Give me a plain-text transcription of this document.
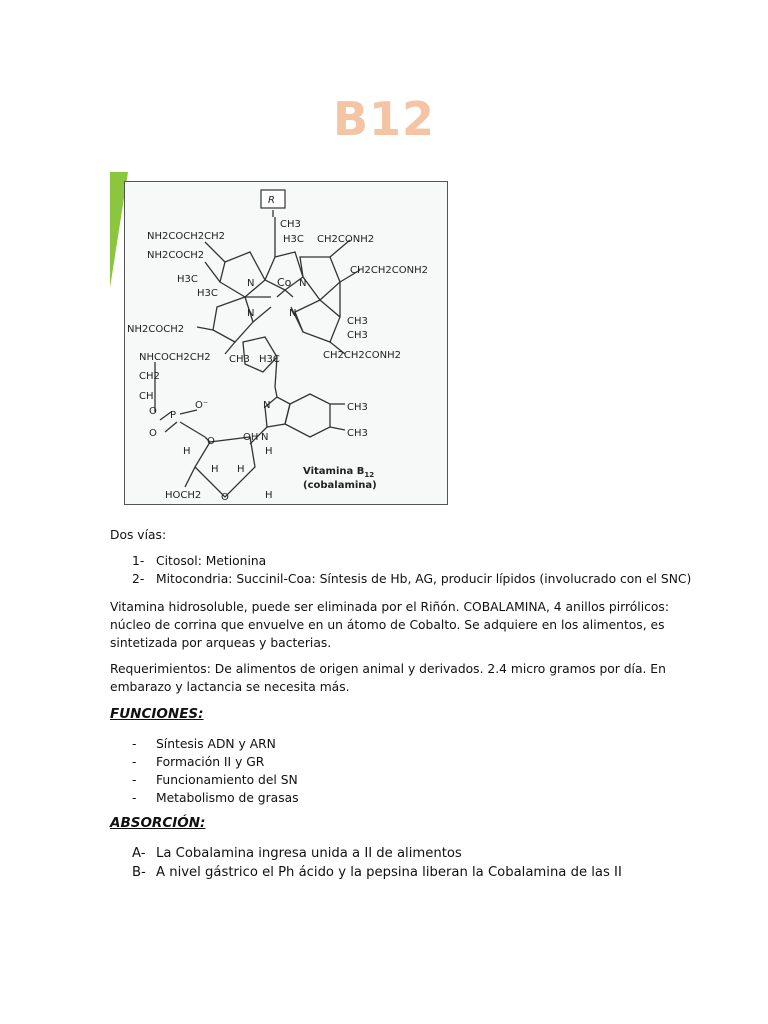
B12
R
Co
CH3
H3C CH2CONH2
NH2COCH2CH2
NH2COCH2
H3C
H3C
CH2CH2CONH2
CH3
CH3
NH2COCH2
NHCOCH2CH2 CH3 H3C	CH2CH2CONH2
CH2
CH
O P
O⁻
O
O
N
N
CH3
CH3
OH
H
H H
H
H
HOCH2 O
N	N
N	N
Vitamina $B_{12}$
(cobalamina)
Dos vías:
1- Citosol: Metionina
2- Mitocondria: Succinil-Coa: Síntesis de Hb, AG, producir lípidos (involucrado con el SNC)

Vitamina hidrosoluble, puede ser eliminada por el Riñón. COBALAMINA, 4 anillos pirrólicos: núcleo de corrina que envuelve en un átomo de Cobalto. Se adquiere en los alimentos, es sintetizada por arqueas y bacterias.

Requerimientos: De alimentos de origen animal y derivados. 2.4 micro gramos por día. En embarazo y lactancia se necesita más.

FUNCIONES:
-	Síntesis ADN y ARN
-	Formación II y GR
-	Funcionamiento del SN
-	Metabolismo de grasas
ABSORCIÓN:
A- La Cobalamina ingresa unida a II de alimentos
B- A nivel gástrico el Ph ácido y la pepsina liberan la Cobalamina de las II
